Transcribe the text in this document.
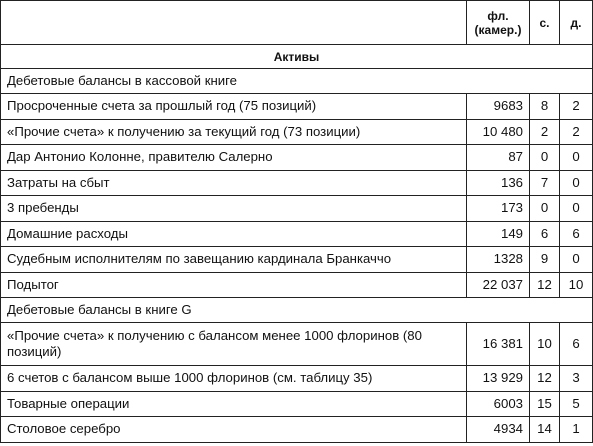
	фл. (камер.)	с.	д.
Активы			
Дебетовые балансы в кассовой книге			
Просроченные счета за прошлый год (75 позиций)	9683	8	2
«Прочие счета» к получению за текущий год (73 позиции)	10 480	2	2
Дар Антонио Колонне, правителю Салерно	87	0	0
Затраты на сбыт	136	7	0
3 пребенды	173	0	0
Домашние расходы	149	6	6
Судебным исполнителям по завещанию кардинала Бранкаччо	1328	9	0
Подытог	22 037	12	10
Дебетовые балансы в книге G			
«Прочие счета» к получению с балансом менее 1000 флоринов (80 позиций)	16 381	10	6
6 счетов с балансом выше 1000 флоринов (см. таблицу 35)	13 929	12	3
Товарные операции	6003	15	5
Столовое серебро	4934	14	1
